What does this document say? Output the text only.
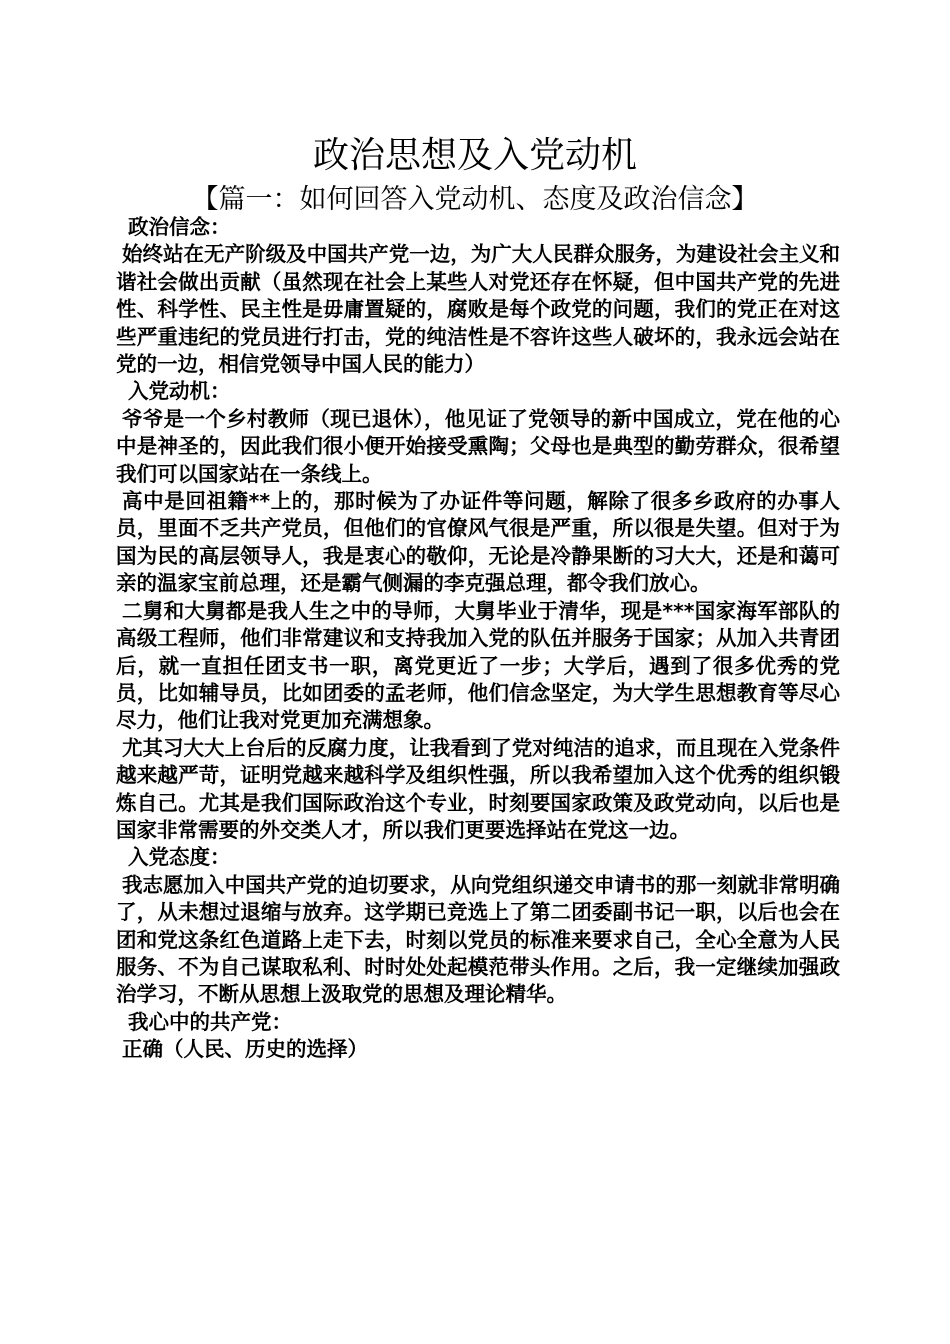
政治思想及入党动机
【篇一：如何回答入党动机、态度及政治信念】

政治信念：

始终站在无产阶级及中国共产党一边，为广大人民群众服务，为建设社会主义和谐社会做出贡献（虽然现在社会上某些人对党还存在怀疑，但中国共产党的先进性、科学性、民主性是毋庸置疑的，腐败是每个政党的问题，我们的党正在对这些严重违纪的党员进行打击，党的纯洁性是不容许这些人破坏的，我永远会站在党的一边，相信党领导中国人民的能力）

入党动机：

爷爷是一个乡村教师（现已退休），他见证了党领导的新中国成立，党在他的心中是神圣的，因此我们很小便开始接受熏陶；父母也是典型的勤劳群众，很希望我们可以国家站在一条线上。

高中是回祖籍**上的，那时候为了办证件等问题，解除了很多乡政府的办事人员，里面不乏共产党员，但他们的官僚风气很是严重，所以很是失望。但对于为国为民的高层领导人，我是衷心的敬仰，无论是冷静果断的习大大，还是和蔼可亲的温家宝前总理，还是霸气侧漏的李克强总理，都令我们放心。

二舅和大舅都是我人生之中的导师，大舅毕业于清华，现是***国家海军部队的高级工程师，他们非常建议和支持我加入党的队伍并服务于国家；从加入共青团后，就一直担任团支书一职，离党更近了一步；大学后，遇到了很多优秀的党员，比如辅导员，比如团委的孟老师，他们信念坚定，为大学生思想教育等尽心尽力，他们让我对党更加充满想象。

尤其习大大上台后的反腐力度，让我看到了党对纯洁的追求，而且现在入党条件越来越严苛，证明党越来越科学及组织性强，所以我希望加入这个优秀的组织锻炼自己。尤其是我们国际政治这个专业，时刻要国家政策及政党动向，以后也是国家非常需要的外交类人才，所以我们更要选择站在党这一边。

入党态度：

我志愿加入中国共产党的迫切要求，从向党组织递交申请书的那一刻就非常明确了，从未想过退缩与放弃。这学期已竞选上了第二团委副书记一职，以后也会在团和党这条红色道路上走下去，时刻以党员的标准来要求自己，全心全意为人民服务、不为自己谋取私利、时时处处起模范带头作用。之后，我一定继续加强政治学习，不断从思想上汲取党的思想及理论精华。

我心中的共产党：

正确（人民、历史的选择）
